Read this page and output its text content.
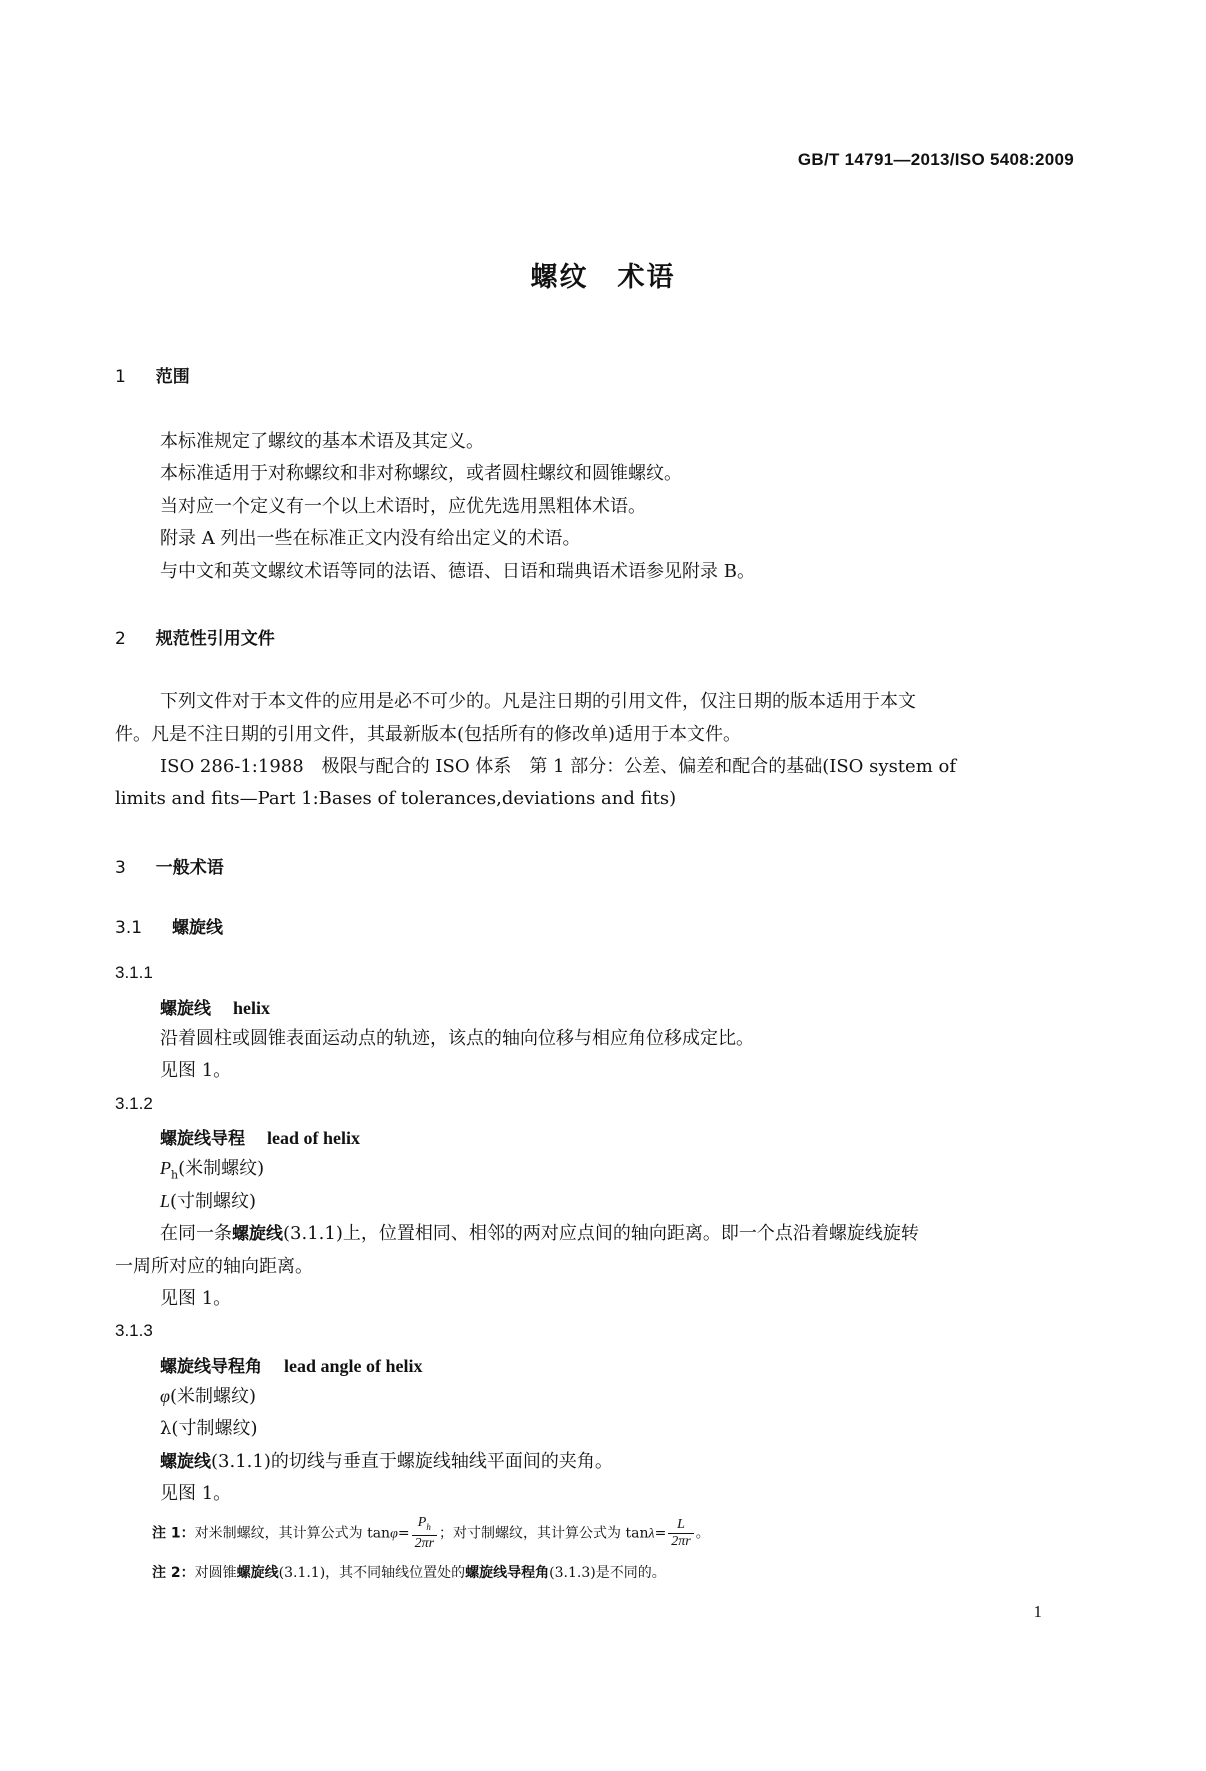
GB/T 14791—2013/ISO 5408:2009
螺纹　术语
1 范围
本标准规定了螺纹的基本术语及其定义。
本标准适用于对称螺纹和非对称螺纹，或者圆柱螺纹和圆锥螺纹。
当对应一个定义有一个以上术语时，应优先选用黑粗体术语。
附录 A 列出一些在标准正文内没有给出定义的术语。
与中文和英文螺纹术语等同的法语、德语、日语和瑞典语术语参见附录 B。
2 规范性引用文件
下列文件对于本文件的应用是必不可少的。凡是注日期的引用文件，仅注日期的版本适用于本文
件。凡是不注日期的引用文件，其最新版本(包括所有的修改单)适用于本文件。
ISO 286-1:1988　极限与配合的 ISO 体系　第 1 部分：公差、偏差和配合的基础(ISO system of
limits and fits—Part 1:Bases of tolerances,deviations and fits)
3 一般术语
3.1 螺旋线
3.1.1
螺旋线 helix
沿着圆柱或圆锥表面运动点的轨迹，该点的轴向位移与相应角位移成定比。
见图 1。
3.1.2
螺旋线导程 lead of helix
$P_h$(米制螺纹)
L(寸制螺纹)
在同一条螺旋线(3.1.1)上，位置相同、相邻的两对应点间的轴向距离。即一个点沿着螺旋线旋转
一周所对应的轴向距离。
见图 1。
3.1.3
螺旋线导程角 lead angle of helix
φ(米制螺纹)
λ(寸制螺纹)
螺旋线(3.1.1)的切线与垂直于螺旋线轴线平面间的夹角。
见图 1。
注 1：对米制螺纹，其计算公式为 $\tan\varphi= \frac{P_h}{2\pi r}$ ；对寸制螺纹，其计算公式为 $\tan\lambda= \frac{L}{2\pi r}$ 。
注 2：对圆锥螺旋线(3.1.1)，其不同轴线位置处的螺旋线导程角(3.1.3)是不同的。
1
